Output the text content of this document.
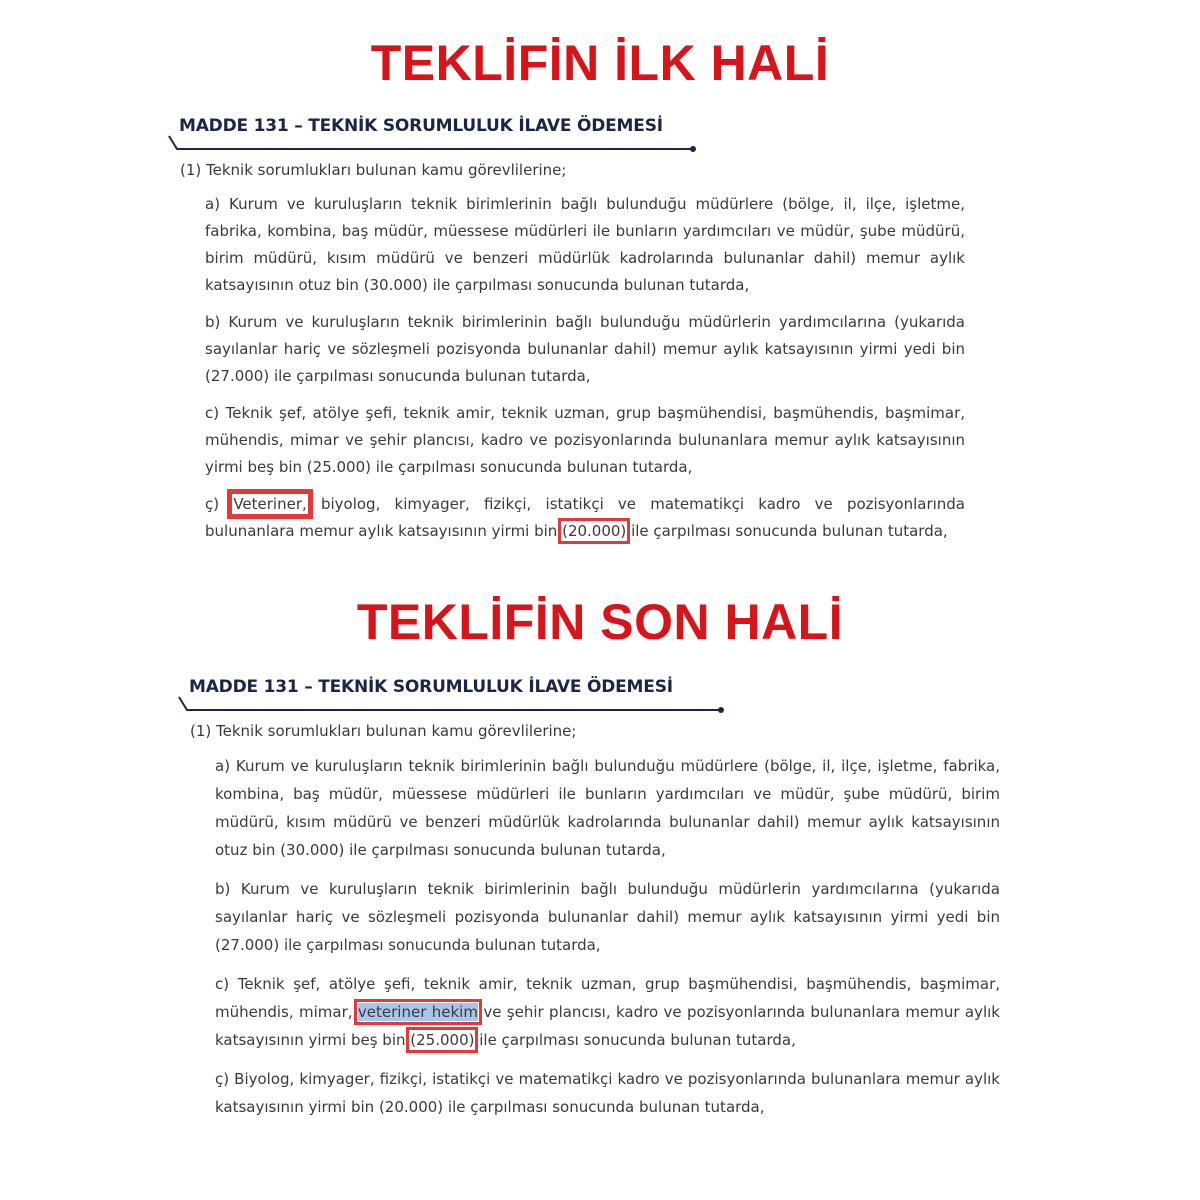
TEKLİFİN İLK HALİ
MADDE 131 – TEKNİK SORUMLULUK İLAVE ÖDEMESİ

(1) Teknik sorumlukları bulunan kamu görevlilerine;

a) Kurum ve kuruluşların teknik birimlerinin bağlı bulunduğu müdürlere (bölge, il, ilçe, işletme, fabrika, kombina, baş müdür, müessese müdürleri ile bunların yardımcıları ve müdür, şube müdürü, birim müdürü, kısım müdürü ve benzeri müdürlük kadrolarında bulunanlar dahil) memur aylık katsayısının otuz bin (30.000) ile çarpılması sonucunda bulunan tutarda,

b) Kurum ve kuruluşların teknik birimlerinin bağlı bulunduğu müdürlerin yardımcılarına (yukarıda sayılanlar hariç ve sözleşmeli pozisyonda bulunanlar dahil) memur aylık katsayısının yirmi yedi bin (27.000) ile çarpılması sonucunda bulunan tutarda,

c) Teknik şef, atölye şefi, teknik amir, teknik uzman, grup başmühendisi, başmühendis, başmimar, mühendis, mimar ve şehir plancısı, kadro ve pozisyonlarında bulunanlara memur aylık katsayısının yirmi beş bin (25.000) ile çarpılması sonucunda bulunan tutarda,

ç) Veteriner, biyolog, kimyager, fizikçi, istatikçi ve matematikçi kadro ve pozisyonlarında bulunanlara memur aylık katsayısının yirmi bin (20.000) ile çarpılması sonucunda bulunan tutarda,

TEKLİFİN SON HALİ
MADDE 131 – TEKNİK SORUMLULUK İLAVE ÖDEMESİ

(1) Teknik sorumlukları bulunan kamu görevlilerine;

a) Kurum ve kuruluşların teknik birimlerinin bağlı bulunduğu müdürlere (bölge, il, ilçe, işletme, fabrika, kombina, baş müdür, müessese müdürleri ile bunların yardımcıları ve müdür, şube müdürü, birim müdürü, kısım müdürü ve benzeri müdürlük kadrolarında bulunanlar dahil) memur aylık katsayısının otuz bin (30.000) ile çarpılması sonucunda bulunan tutarda,

b) Kurum ve kuruluşların teknik birimlerinin bağlı bulunduğu müdürlerin yardımcılarına (yukarıda sayılanlar hariç ve sözleşmeli pozisyonda bulunanlar dahil) memur aylık katsayısının yirmi yedi bin (27.000) ile çarpılması sonucunda bulunan tutarda,

c) Teknik şef, atölye şefi, teknik amir, teknik uzman, grup başmühendisi, başmühendis, başmimar, mühendis, mimar, veteriner hekim ve şehir plancısı, kadro ve pozisyonlarında bulunanlara memur aylık katsayısının yirmi beş bin (25.000) ile çarpılması sonucunda bulunan tutarda,

ç) Biyolog, kimyager, fizikçi, istatikçi ve matematikçi kadro ve pozisyonlarında bulunanlara memur aylık katsayısının yirmi bin (20.000) ile çarpılması sonucunda bulunan tutarda,
